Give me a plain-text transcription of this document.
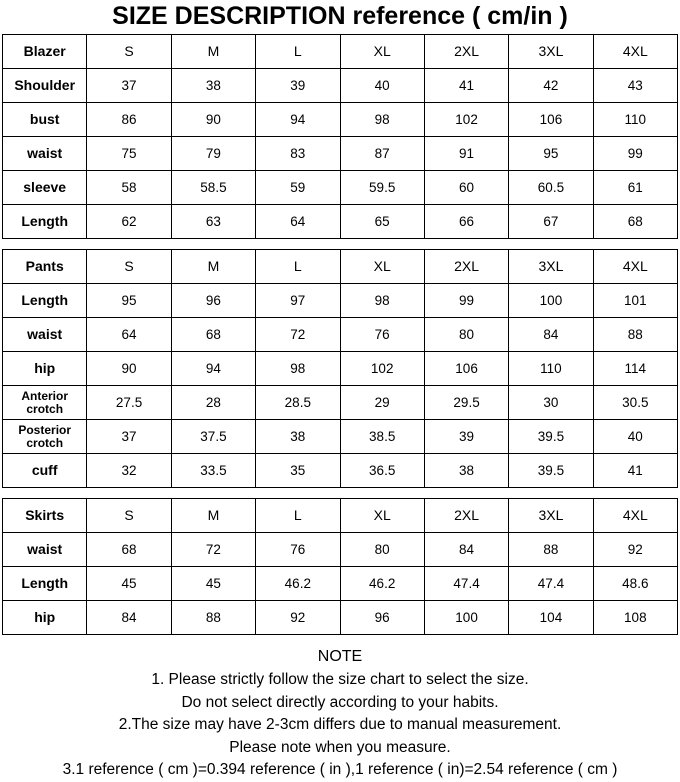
SIZE DESCRIPTION reference ( cm/in )
Blazer	S	M	L	XL	2XL	3XL	4XL
Shoulder	37	38	39	40	41	42	43
bust	86	90	94	98	102	106	110
waist	75	79	83	87	91	95	99
sleeve	58	58.5	59	59.5	60	60.5	61
Length	62	63	64	65	66	67	68
Pants	S	M	L	XL	2XL	3XL	4XL
Length	95	96	97	98	99	100	101
waist	64	68	72	76	80	84	88
hip	90	94	98	102	106	110	114
Anterior crotch	27.5	28	28.5	29	29.5	30	30.5
Posterior crotch	37	37.5	38	38.5	39	39.5	40
cuff	32	33.5	35	36.5	38	39.5	41
Skirts	S	M	L	XL	2XL	3XL	4XL
waist	68	72	76	80	84	88	92
Length	45	45	46.2	46.2	47.4	47.4	48.6
hip	84	88	92	96	100	104	108
NOTE
1. Please strictly follow the size chart to select the size.
Do not select directly according to your habits.
2.The size may have 2-3cm differs due to manual measurement.
Please note when you measure.
3.1 reference ( cm )=0.394 reference ( in ),1 reference ( in)=2.54 reference ( cm )
